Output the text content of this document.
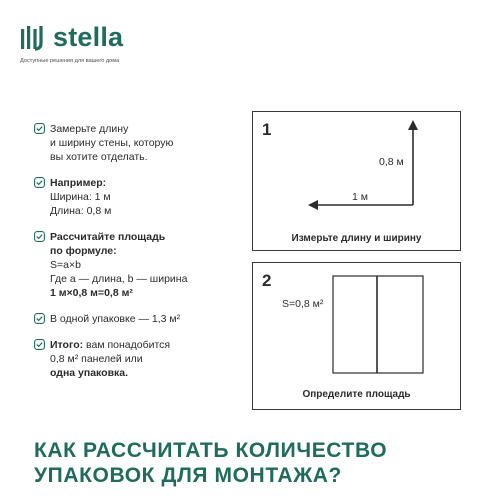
stella
Доступные решения для вашего дома
Замерьте длину
и ширину стены, которую
вы хотите отделать.
Например:
Ширина: 1 м
Длина: 0,8 м
Рассчитайте площадь
по формуле:
S=a×b
Где а — длина, b — ширина
1 м×0,8 м=0,8 м²
В одной упаковке — 1,3 м²
Итого: вам понадобится
0,8 м² панелей или
одна упаковка.
1
0,8 м
1 м
Измерьте длину и ширину
2
S=0,8 м²
Определите площадь
КАК РАССЧИТАТЬ КОЛИЧЕСТВО
УПАКОВОК ДЛЯ МОНТАЖА?
